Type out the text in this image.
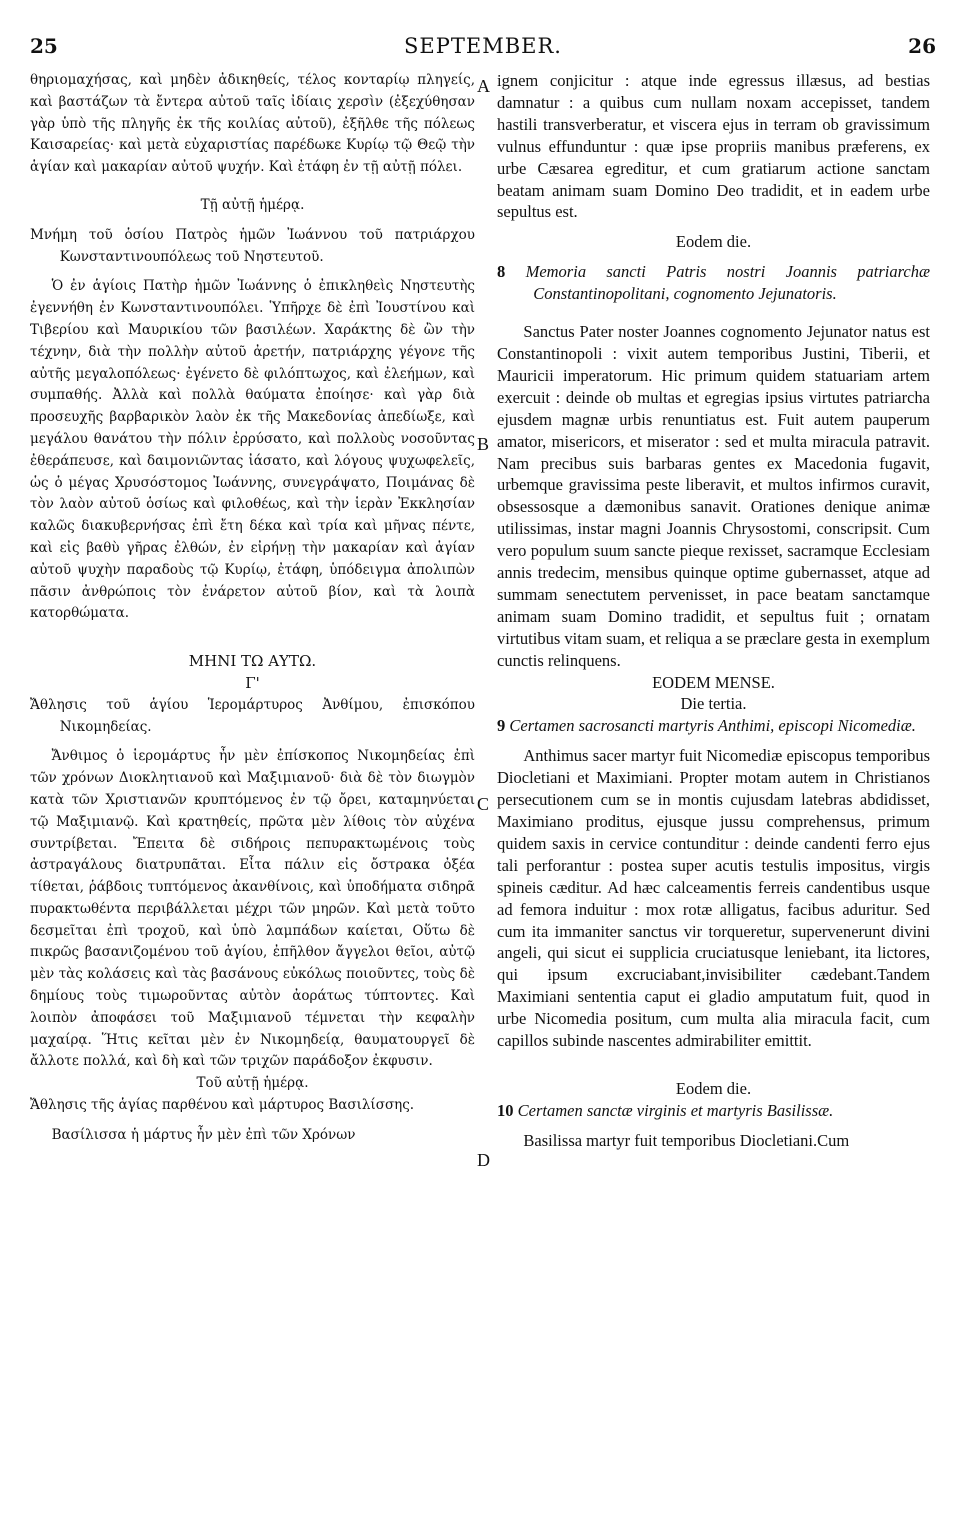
25	SEPTEMBER.	26
A
B
C
D

θηριομαχήσας, καὶ μηδὲν ἀδικηθείς, τέλος κονταρίῳ πληγείς, καὶ βαστάζων τὰ ἔντερα αὐτοῦ ταῖς ἰδίαις χερσὶν (ἐξεχύθησαν γὰρ ὑπὸ τῆς πληγῆς ἐκ τῆς κοιλίας αὐτοῦ), ἐξῆλθε τῆς πόλεως Καισαρείας· καὶ μετὰ εὐχαριστίας παρέδωκε Κυρίῳ τῷ Θεῷ τὴν ἁγίαν καὶ μακαρίαν αὐτοῦ ψυχήν. Καὶ ἐτάφη ἐν τῇ αὐτῇ πόλει.

Τῇ αὐτῇ ἡμέρᾳ.

Μνήμη τοῦ ὁσίου Πατρὸς ἡμῶν Ἰωάννου τοῦ πατριάρχου Κωνσταντινουπόλεως τοῦ Νηστευτοῦ.

Ὁ ἐν ἁγίοις Πατὴρ ἡμῶν Ἰωάννης ὁ ἐπικληθεὶς Νηστευτὴς ἐγεννήθη ἐν Κωνσταντινουπόλει. Ὑπῆρχε δὲ ἐπὶ Ἰουστίνου καὶ Τιβερίου καὶ Μαυρικίου τῶν βασιλέων. Χαράκτης δὲ ὢν τὴν τέχνην, διὰ τὴν πολλὴν αὐτοῦ ἀρετήν, πατριάρχης γέγονε τῆς αὐτῆς μεγαλοπόλεως· ἐγένετο δὲ φιλόπτωχος, καὶ ἐλεήμων, καὶ συμπαθής. Ἀλλὰ καὶ πολλὰ θαύματα ἐποίησε· καὶ γὰρ διὰ προσευχῆς βαρβαρικὸν λαὸν ἐκ τῆς Μακεδονίας ἀπεδίωξε, καὶ μεγάλου θανάτου τὴν πόλιν ἐρρύσατο, καὶ πολλοὺς νοσοῦντας ἐθεράπευσε, καὶ δαιμονιῶντας ἰάσατο, καὶ λόγους ψυχωφελεῖς, ὡς ὁ μέγας Χρυσόστομος Ἰωάννης, συνεγράψατο, Ποιμάνας δὲ τὸν λαὸν αὐτοῦ ὁσίως καὶ φιλοθέως, καὶ τὴν ἱερὰν Ἐκκλησίαν καλῶς διακυβερνήσας ἐπὶ ἔτη δέκα καὶ τρία καὶ μῆνας πέντε, καὶ εἰς βαθὺ γῆρας ἐλθών, ἐν εἰρήνῃ τὴν μακαρίαν καὶ ἁγίαν αὐτοῦ ψυχὴν παραδοὺς τῷ Κυρίῳ, ἐτάφη, ὑπόδειγμα ἀπολιπὼν πᾶσιν ἀνθρώποις τὸν ἐνάρετον αὐτοῦ βίον, καὶ τὰ λοιπὰ κατορθώματα.

ΜΗΝΙ ΤΩ ΑΥΤΩ.

Γ'

Ἄθλησις τοῦ ἁγίου Ἱερομάρτυρος Ἀνθίμου, ἐπισκόπου Νικομηδείας.

Ἄνθιμος ὁ ἱερομάρτυς ἦν μὲν ἐπίσκοπος Νικομηδείας ἐπὶ τῶν χρόνων Διοκλητιανοῦ καὶ Μαξιμιανοῦ· διὰ δὲ τὸν διωγμὸν κατὰ τῶν Χριστιανῶν κρυπτόμενος ἐν τῷ ὄρει, καταμηνύεται τῷ Μαξιμιανῷ. Καὶ κρατηθείς, πρῶτα μὲν λίθοις τὸν αὐχένα συντρίβεται. Ἔπειτα δὲ σιδήροις πεπυρακτωμένοις τοὺς ἀστραγάλους διατρυπᾶται. Εἶτα πάλιν εἰς ὄστρακα ὀξέα τίθεται, ῥάβδοις τυπτόμενος ἀκανθίνοις, καὶ ὑποδήματα σιδηρᾶ πυρακτωθέντα περιβάλλεται μέχρι τῶν μηρῶν. Καὶ μετὰ τοῦτο δεσμεῖται ἐπὶ τροχοῦ, καὶ ὑπὸ λαμπάδων καίεται, Οὕτω δὲ πικρῶς βασανιζομένου τοῦ ἁγίου, ἐπῆλθον ἄγγελοι θεῖοι, αὐτῷ μὲν τὰς κολάσεις καὶ τὰς βασάνους εὐκόλως ποιοῦντες, τοὺς δὲ δημίους τοὺς τιμωροῦντας αὐτὸν ἀοράτως τύπτοντες. Καὶ λοιπὸν ἀποφάσει τοῦ Μαξιμιανοῦ τέμνεται τὴν κεφαλὴν μαχαίρᾳ. Ἥτις κεῖται μὲν ἐν Νικομηδείᾳ, θαυματουργεῖ δὲ ἄλλοτε πολλά, καὶ δὴ καὶ τῶν τριχῶν παράδοξον ἐκφυσιν.

Τοῦ αὐτῇ ἡμέρᾳ.

Ἄθλησις τῆς ἁγίας παρθένου καὶ μάρτυρος Βασιλίσσης.

Βασίλισσα ἡ μάρτυς ἦν μὲν ἐπὶ τῶν Χρόνων

ignem conjicitur : atque inde egressus illæsus, ad bestias damnatur : a quibus cum nullam noxam accepisset, tandem hastili transverberatur, et viscera ejus in terram ob gravissimum vulnus effunduntur : quæ ipse propriis manibus præferens, ex urbe Cæsarea egreditur, et cum gratiarum actione sanctam beatam animam suam Domino Deo tradidit, et in eadem urbe sepultus est.

Eodem die.

8 Memoria sancti Patris nostri Joannis patriarchæ Constantinopolitani, cognomento Jejunatoris.

Sanctus Pater noster Joannes cognomento Jejunator natus est Constantinopoli : vixit autem temporibus Justini, Tiberii, et Mauricii imperatorum. Hic primum quidem statuariam artem exercuit : deinde ob multas et egregias ipsius virtutes patriarcha ejusdem magnæ urbis renuntiatus est. Fuit autem pauperum amator, misericors, et miserator : sed et multa miracula patravit. Nam precibus suis barbaras gentes ex Macedonia fugavit, urbemque gravissima peste liberavit, et multos infirmos curavit, obsessosque a dæmonibus sanavit. Orationes denique animæ utilissimas, instar magni Joannis Chrysostomi, conscripsit. Cum vero populum suum sancte pieque rexisset, sacramque Ecclesiam annis tredecim, mensibus quinque optime gubernasset, atque ad summam senectutem pervenisset, in pace beatam sanctamque animam suam Domino tradidit, et sepultus fuit ; ornatam virtutibus vitam suam, et reliqua a se præclare gesta in exemplum cunctis relinquens.

EODEM MENSE.

Die tertia.

9 Certamen sacrosancti martyris Anthimi, episcopi Nicomediæ.

Anthimus sacer martyr fuit Nicomediæ episcopus temporibus Diocletiani et Maximiani. Propter motam autem in Christianos persecutionem cum se in montis cujusdam latebras abdidisset, Maximiano proditus, ejusque jussu comprehensus, primum quidem saxis in cervice contunditur : deinde candenti ferro ejus tali perforantur : postea super acutis testulis impositus, virgis spineis cæditur. Ad hæc calceamentis ferreis candentibus usque ad femora induitur : mox rotæ alligatus, facibus aduritur. Sed cum ita immaniter sanctus vir torqueretur, supervenerunt divini angeli, qui sicut ei supplicia cruciatusque leniebant, ita lictores, qui ipsum excruciabant,invisibiliter cædebant.Tandem Maximiani sententia caput ei gladio amputatum fuit, quod in urbe Nicomedia positum, cum multa alia miracula facit, cum capillos subinde nascentes admirabiliter emittit.

Eodem die.

10 Certamen sanctæ virginis et martyris Basilissæ.

Basilissa martyr fuit temporibus Diocletiani.Cum
